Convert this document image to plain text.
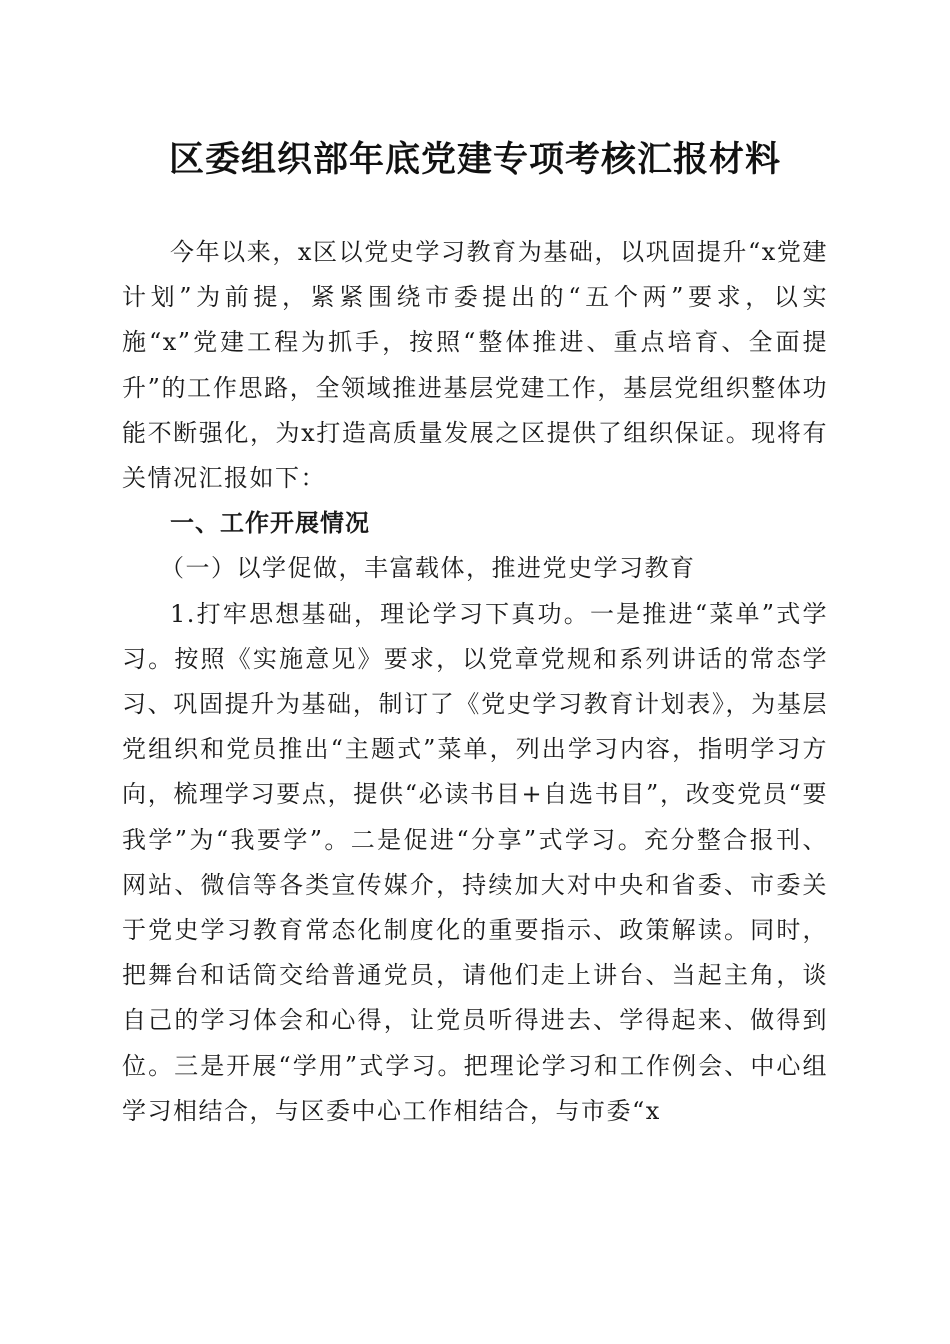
区委组织部年底党建专项考核汇报材料

今年以来，x区以党史学习教育为基础，以巩固提升“x党建计划”为前提，紧紧围绕市委提出的“五个两”要求，以实施“x”党建工程为抓手，按照“整体推进、重点培育、全面提升”的工作思路，全领域推进基层党建工作，基层党组织整体功能不断强化，为x打造高质量发展之区提供了组织保证。现将有关情况汇报如下：

一、工作开展情况

（一）以学促做，丰富载体，推进党史学习教育

1.打牢思想基础，理论学习下真功。一是推进“菜单”式学习。按照《实施意见》要求，以党章党规和系列讲话的常态学习、巩固提升为基础，制订了《党史学习教育计划表》，为基层党组织和党员推出“主题式”菜单，列出学习内容，指明学习方向，梳理学习要点，提供“必读书目+自选书目”，改变党员“要我学”为“我要学”。二是促进“分享”式学习。充分整合报刊、网站、微信等各类宣传媒介，持续加大对中央和省委、市委关于党史学习教育常态化制度化的重要指示、政策解读。同时，把舞台和话筒交给普通党员，请他们走上讲台、当起主角，谈自己的学习体会和心得，让党员听得进去、学得起来、做得到位。三是开展“学用”式学习。把理论学习和工作例会、中心组学习相结合，与区委中心工作相结合，与市委“x
